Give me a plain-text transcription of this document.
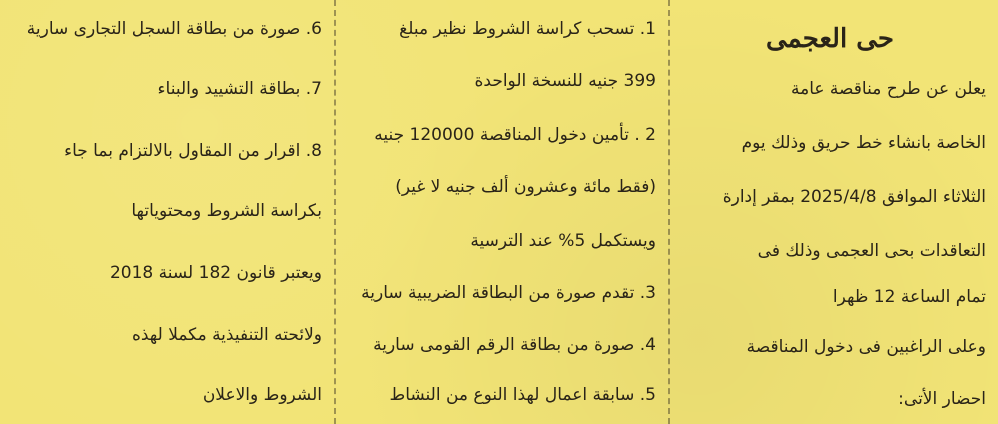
حى العجمى
يعلن عن طرح مناقصة عامة
الخاصة بانشاء خط حريق وذلك يوم
الثلاثاء الموافق 2025/4/8 بمقر إدارة
التعاقدات بحى العجمى وذلك فى
تمام الساعة 12 ظهرا
وعلى الراغبين فى دخول المناقصة
احضار الأتى:
1. تسحب كراسة الشروط نظير مبلغ
399 جنيه للنسخة الواحدة
2 . تأمين دخول المناقصة 120000 جنيه
(فقط مائة وعشرون ألف جنيه لا غير)
ويستكمل 5% عند الترسية
3. تقدم صورة من البطاقة الضريبية سارية
4. صورة من بطاقة الرقم القومى سارية
5. سابقة اعمال لهذا النوع من النشاط
6. صورة من بطاقة السجل التجارى سارية
7. بطاقة التشييد والبناء
8. اقرار من المقاول بالالتزام بما جاء
بكراسة الشروط ومحتوياتها
ويعتبر قانون 182 لسنة 2018
ولائحته التنفيذية مكملا لهذه
الشروط والاعلان
